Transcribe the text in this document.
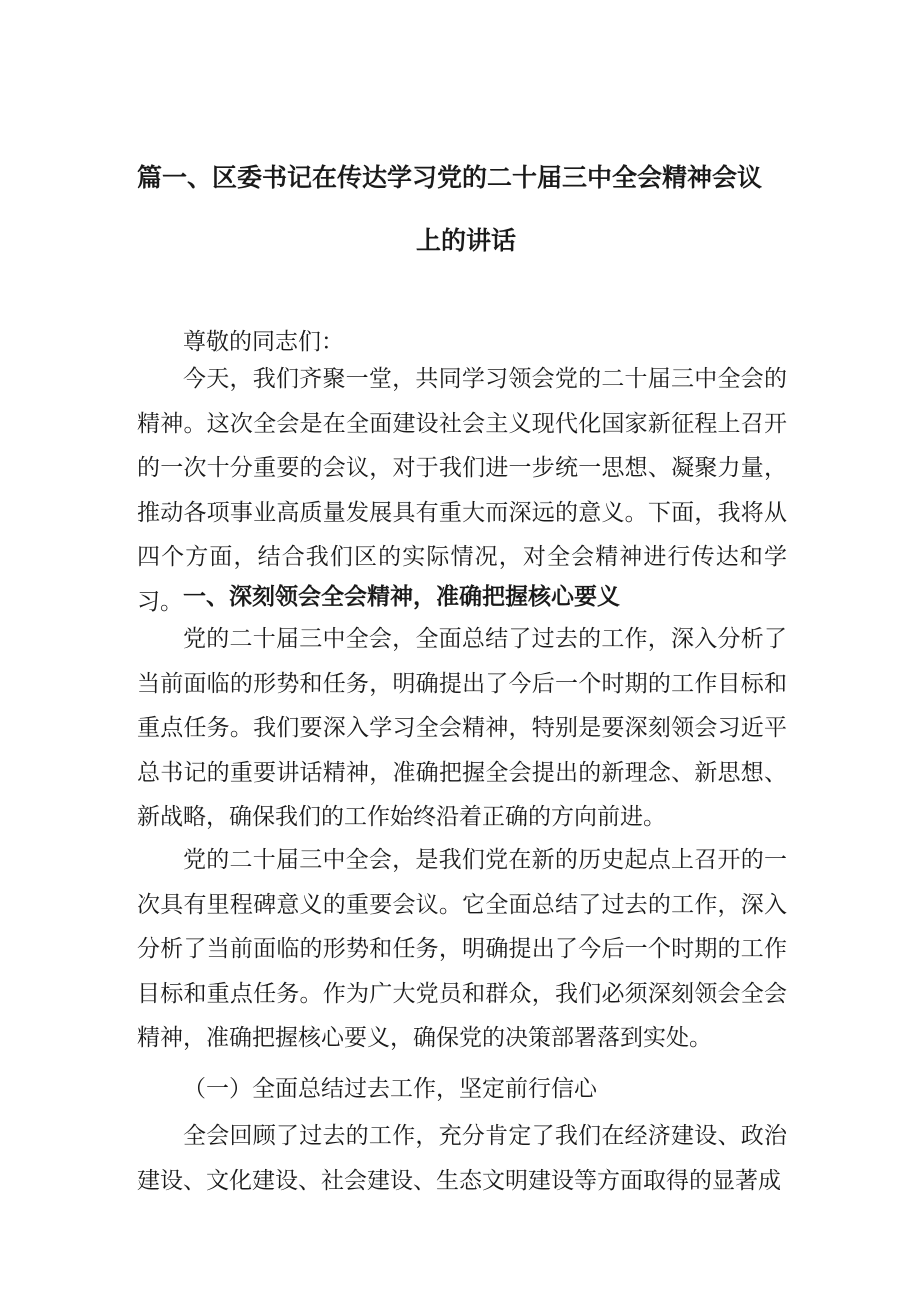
篇一、区委书记在传达学习党的二十届三中全会精神会议
上的讲话

尊敬的同志们：

今天，我们齐聚一堂，共同学习领会党的二十届三中全会的精神。这次全会是在全面建设社会主义现代化国家新征程上召开的一次十分重要的会议，对于我们进一步统一思想、凝聚力量，推动各项事业高质量发展具有重大而深远的意义。下面，我将从四个方面，结合我们区的实际情况，对全会精神进行传达和学习。 一、深刻领会全会精神，准确把握核心要义

党的二十届三中全会，全面总结了过去的工作，深入分析了当前面临的形势和任务，明确提出了今后一个时期的工作目标和重点任务。我们要深入学习全会精神，特别是要深刻领会习近平总书记的重要讲话精神，准确把握全会提出的新理念、新思想、新战略，确保我们的工作始终沿着正确的方向前进。

党的二十届三中全会，是我们党在新的历史起点上召开的一次具有里程碑意义的重要会议。它全面总结了过去的工作，深入分析了当前面临的形势和任务，明确提出了今后一个时期的工作目标和重点任务。作为广大党员和群众，我们必须深刻领会全会精神，准确把握核心要义，确保党的决策部署落到实处。

（一）全面总结过去工作，坚定前行信心

全会回顾了过去的工作，充分肯定了我们在经济建设、政治建设、文化建设、社会建设、生态文明建设等方面取得的显著成
